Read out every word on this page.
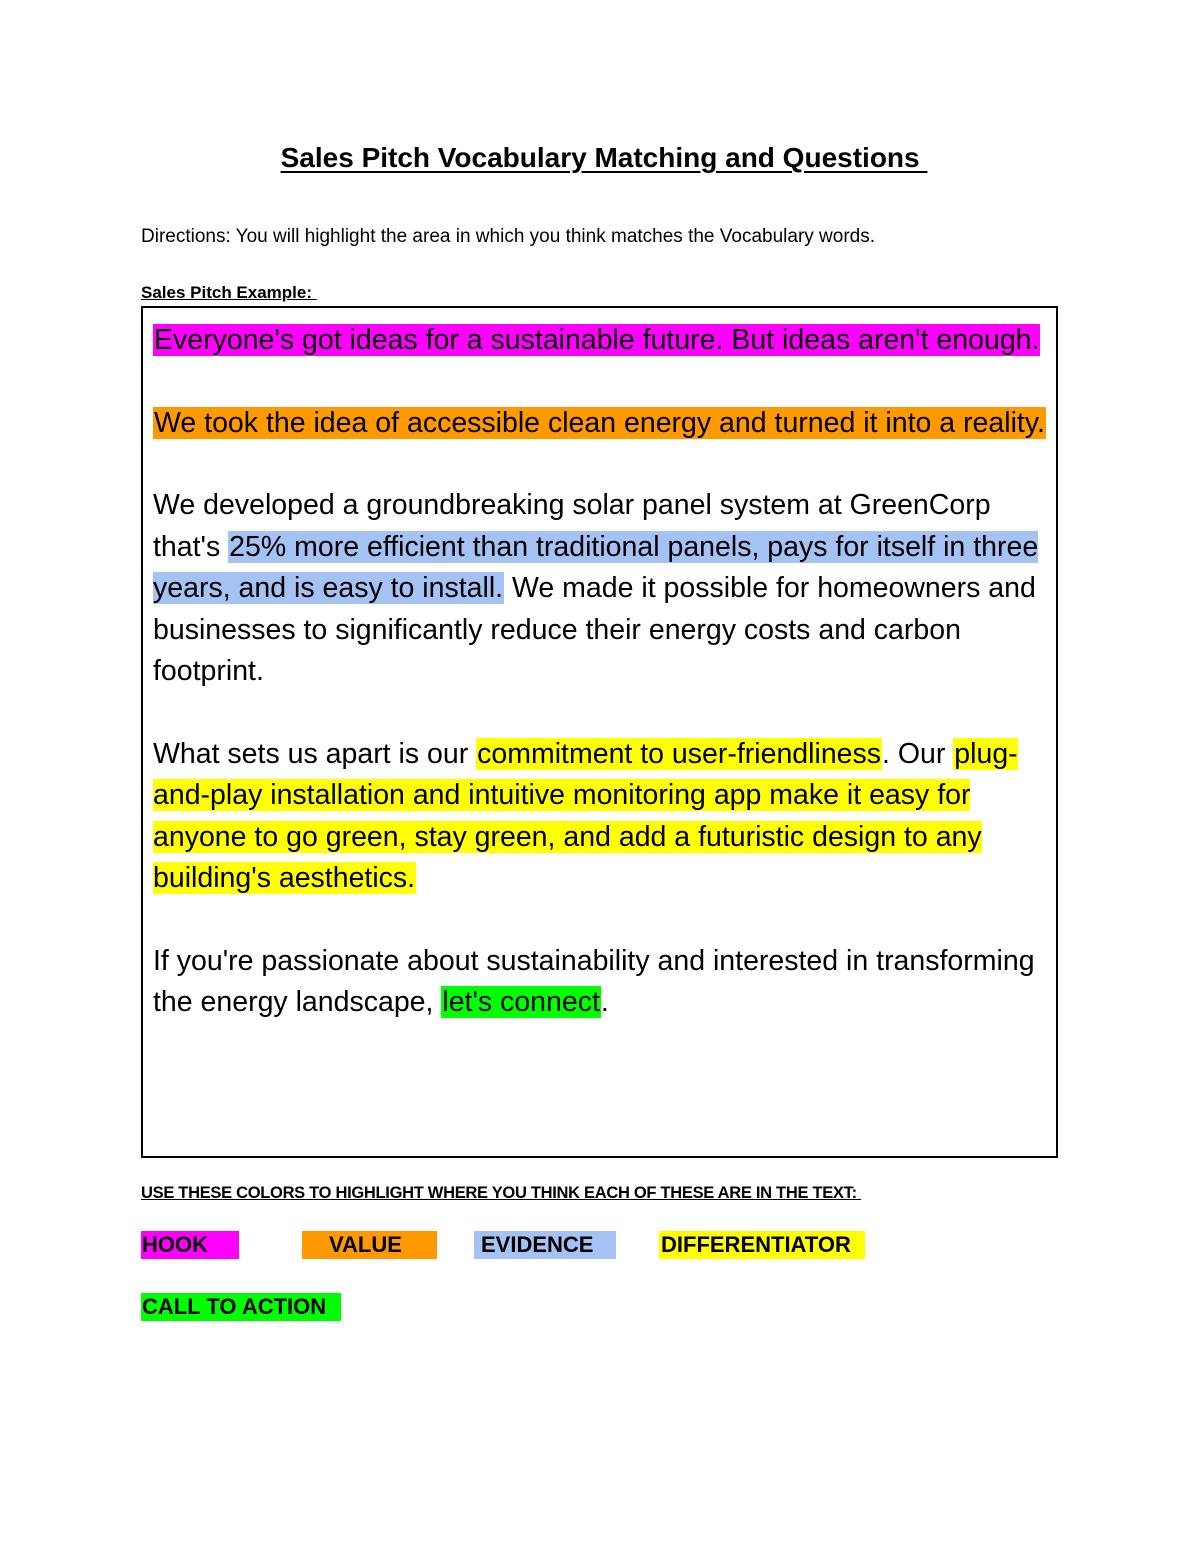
Sales Pitch Vocabulary Matching and Questions
Directions: You will highlight the area in which you think matches the Vocabulary words.
Sales Pitch Example:

Everyone's got ideas for a sustainable future. But ideas aren't enough.

We took the idea of accessible clean energy and turned it into a reality.

We developed a groundbreaking solar panel system at GreenCorp that's 25% more efficient than traditional panels, pays for itself in three years, and is easy to install. We made it possible for homeowners and businesses to significantly reduce their energy costs and carbon footprint.

What sets us apart is our commitment to user-friendliness. Our plug-and-play installation and intuitive monitoring app make it easy for anyone to go green, stay green, and add a futuristic design to any building's aesthetics.

If you're passionate about sustainability and interested in transforming the energy landscape, let's connect.

USE THESE COLORS TO HIGHLIGHT WHERE YOU THINK EACH OF THESE ARE IN THE TEXT:
HOOK	VALUE	EVIDENCE	DIFFERENTIATOR
CALL TO ACTION
